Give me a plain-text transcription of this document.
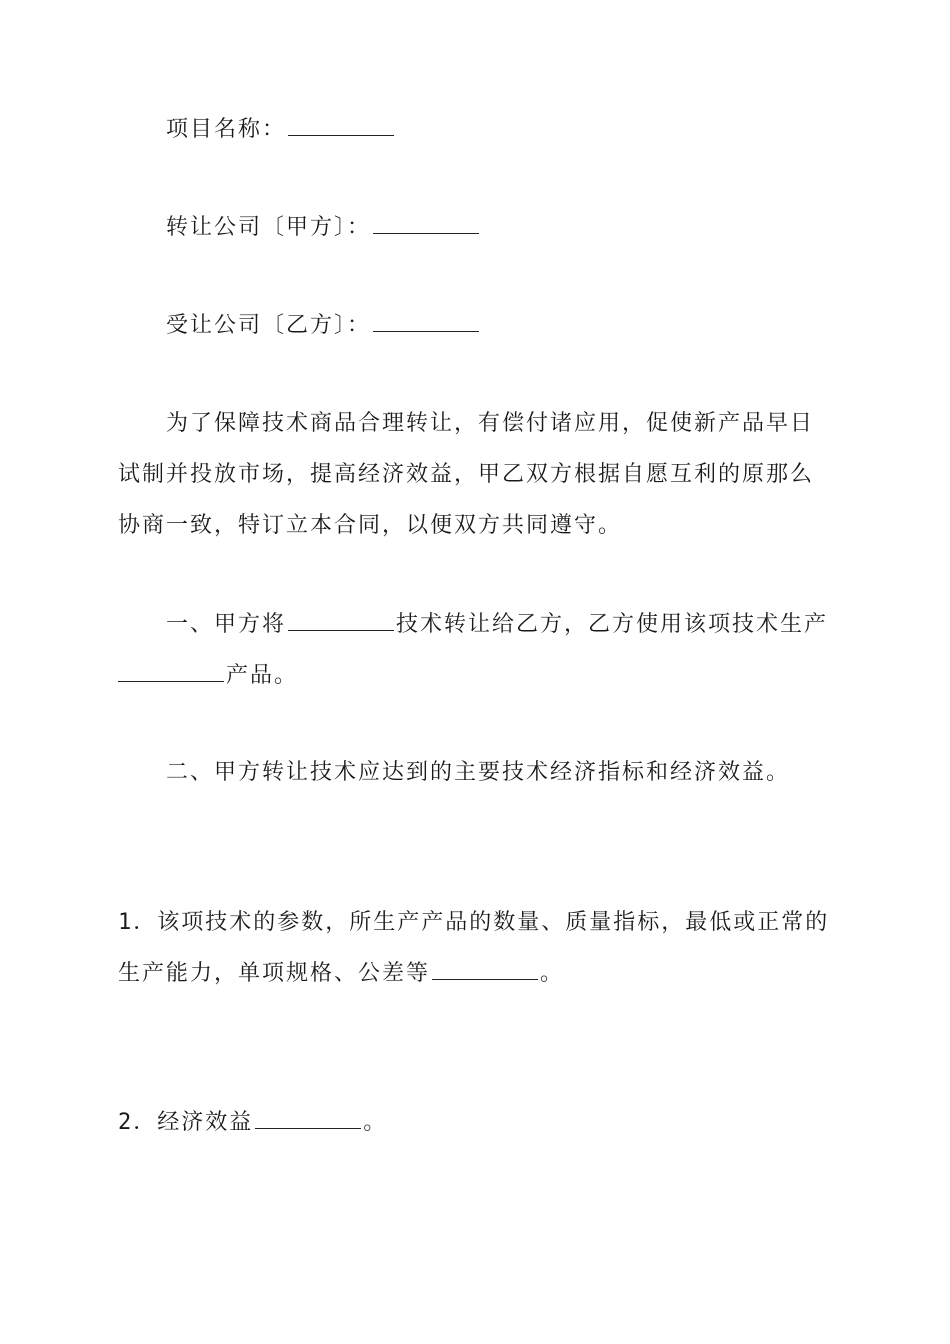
项目名称：
转让公司〔甲方〕：
受让公司〔乙方〕：
为了保障技术商品合理转让，有偿付诸应用，促使新产品早日
试制并投放市场，提高经济效益，甲乙双方根据自愿互利的原那么
协商一致，特订立本合同，以便双方共同遵守。
一、甲方将	技术转让给乙方，乙方使用该项技术生产
产品。
二、甲方转让技术应达到的主要技术经济指标和经济效益。
1．该项技术的参数，所生产产品的数量、质量指标，最低或正常的
生产能力，单项规格、公差等	。
2．经济效益	。
